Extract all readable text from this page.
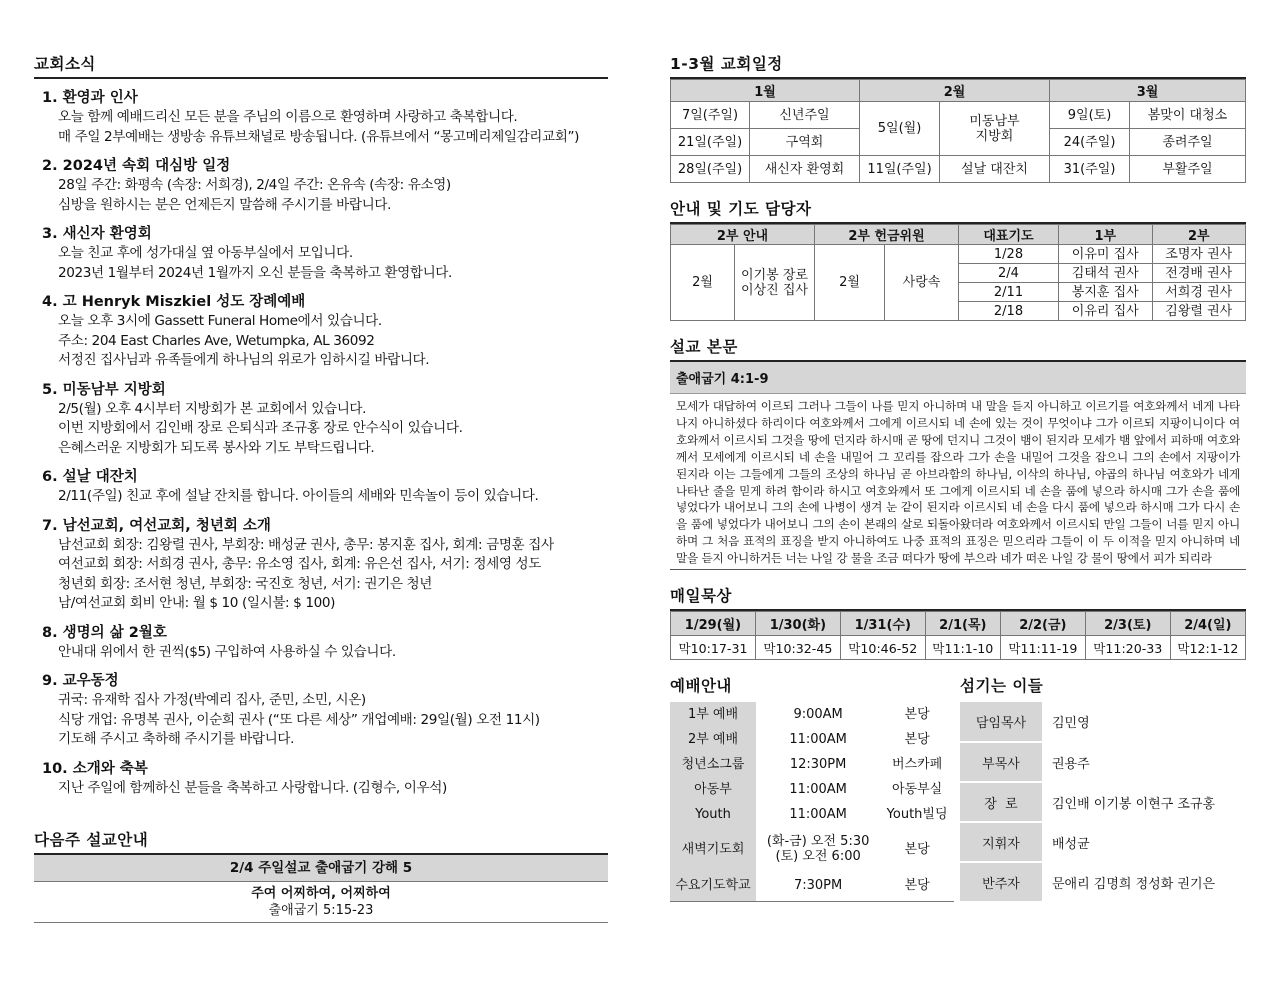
교회소식
1. 환영과 인사
오늘 함께 예배드리신 모든 분을 주님의 이름으로 환영하며 사랑하고 축복합니다.
매 주일 2부예배는 생방송 유튜브채널로 방송됩니다. (유튜브에서 “몽고메리제일감리교회”)
2. 2024년 속회 대심방 일정
28일 주간: 화평속 (속장: 서희경), 2/4일 주간: 온유속 (속장: 유소영)
심방을 원하시는 분은 언제든지 말씀해 주시기를 바랍니다.
3. 새신자 환영회
오늘 친교 후에 성가대실 옆 아동부실에서 모입니다.
2023년 1월부터 2024년 1월까지 오신 분들을 축복하고 환영합니다.
4. 고 Henryk Miszkiel 성도 장례예배
오늘 오후 3시에 Gassett Funeral Home에서 있습니다.
주소: 204 East Charles Ave, Wetumpka, AL 36092
서정진 집사님과 유족들에게 하나님의 위로가 임하시길 바랍니다.
5. 미동남부 지방회
2/5(월) 오후 4시부터 지방회가 본 교회에서 있습니다.
이번 지방회에서 김인배 장로 은퇴식과 조규홍 장로 안수식이 있습니다.
은혜스러운 지방회가 되도록 봉사와 기도 부탁드립니다.
6. 설날 대잔치
2/11(주일) 친교 후에 설날 잔치를 합니다. 아이들의 세배와 민속놀이 등이 있습니다.
7. 남선교회, 여선교회, 청년회 소개
남선교회 회장: 김왕렬 권사, 부회장: 배성균 권사, 총무: 봉지훈 집사, 회계: 금명훈 집사
여선교회 회장: 서희경 권사, 총무: 유소영 집사, 회계: 유은선 집사, 서기: 정세영 성도
청년회 회장: 조서현 청년, 부회장: 국진호 청년, 서기: 권기은 청년
남/여선교회 회비 안내: 월 $ 10 (일시불: $ 100)
8. 생명의 삶 2월호
안내대 위에서 한 권씩($5) 구입하여 사용하실 수 있습니다.
9. 교우동정
귀국: 유재학 집사 가정(박예리 집사, 준민, 소민, 시온)
식당 개업: 유명복 권사, 이순희 권사 (“또 다른 세상” 개업예배: 29일(월) 오전 11시)
기도해 주시고 축하해 주시기를 바랍니다.
10. 소개와 축복
지난 주일에 함께하신 분들을 축복하고 사랑합니다. (김형수, 이우석)
다음주 설교안내
2/4 주일설교 출애굽기 강해 5
주여 어찌하여, 어찌하여
출애굽기 5:15-23
1-3월 교회일정
1월		2월		3월	
7일(주일)	신년주일	5일(월)	미동남부 지방회	9일(토)	봄맞이 대청소
21일(주일)	구역회			24(주일)	종려주일
28일(주일)	새신자 환영회	11일(주일)	설날 대잔치	31(주일)	부활주일
안내 및 기도 담당자
2부 안내		2부 헌금위원		대표기도	1부	2부
2월	이기봉 장로 이상진 집사	2월	사랑속	1/28	이유미 집사	조명자 권사
				2/4	김태석 권사	전경배 권사
				2/11	봉지훈 집사	서희경 권사
				2/18	이유리 집사	김왕렬 권사
설교 본문
출애굽기 4:1-9
모세가 대답하여 이르되 그러나 그들이 나를 믿지 아니하며 내 말을 듣지 아니하고 이르기를 여호와께서 네게 나타나지 아니하셨다 하리이다 여호와께서 그에게 이르시되 네 손에 있는 것이 무엇이냐 그가 이르되 지팡이니이다 여호와께서 이르시되 그것을 땅에 던지라 하시매 곧 땅에 던지니 그것이 뱀이 된지라 모세가 뱀 앞에서 피하매 여호와께서 모세에게 이르시되 네 손을 내밀어 그 꼬리를 잡으라 그가 손을 내밀어 그것을 잡으니 그의 손에서 지팡이가 된지라 이는 그들에게 그들의 조상의 하나님 곧 아브라함의 하나님, 이삭의 하나님, 야곱의 하나님 여호와가 네게 나타난 줄을 믿게 하려 함이라 하시고 여호와께서 또 그에게 이르시되 네 손을 품에 넣으라 하시매 그가 손을 품에 넣었다가 내어보니 그의 손에 나병이 생겨 눈 같이 된지라 이르시되 네 손을 다시 품에 넣으라 하시매 그가 다시 손을 품에 넣었다가 내어보니 그의 손이 본래의 살로 되돌아왔더라 여호와께서 이르시되 만일 그들이 너를 믿지 아니하며 그 처음 표적의 표징을 받지 아니하여도 나중 표적의 표징은 믿으리라 그들이 이 두 이적을 믿지 아니하며 네 말을 듣지 아니하거든 너는 나일 강 물을 조금 떠다가 땅에 부으라 네가 떠온 나일 강 물이 땅에서 피가 되리라
매일묵상
1/29(월)	1/30(화)	1/31(수)	2/1(목)	2/2(금)	2/3(토)	2/4(일)
막10:17-31	막10:32-45	막10:46-52	막11:1-10	막11:11-19	막11:20-33	막12:1-12
예배안내
1부 예배	9:00AM	본당
2부 예배	11:00AM	본당
청년소그룹	12:30PM	버스카페
아동부	11:00AM	아동부실
Youth	11:00AM	Youth빌딩
새벽기도회	(화-금) 오전 5:30
(토) 오전 6:00	본당
수요기도학교	7:30PM	본당
섬기는 이들
담임목사	김민영
부목사	권용주
장  로	김인배 이기봉 이현구 조규홍
지휘자	배성균
반주자	문애리 김명희 정성화 권기은
